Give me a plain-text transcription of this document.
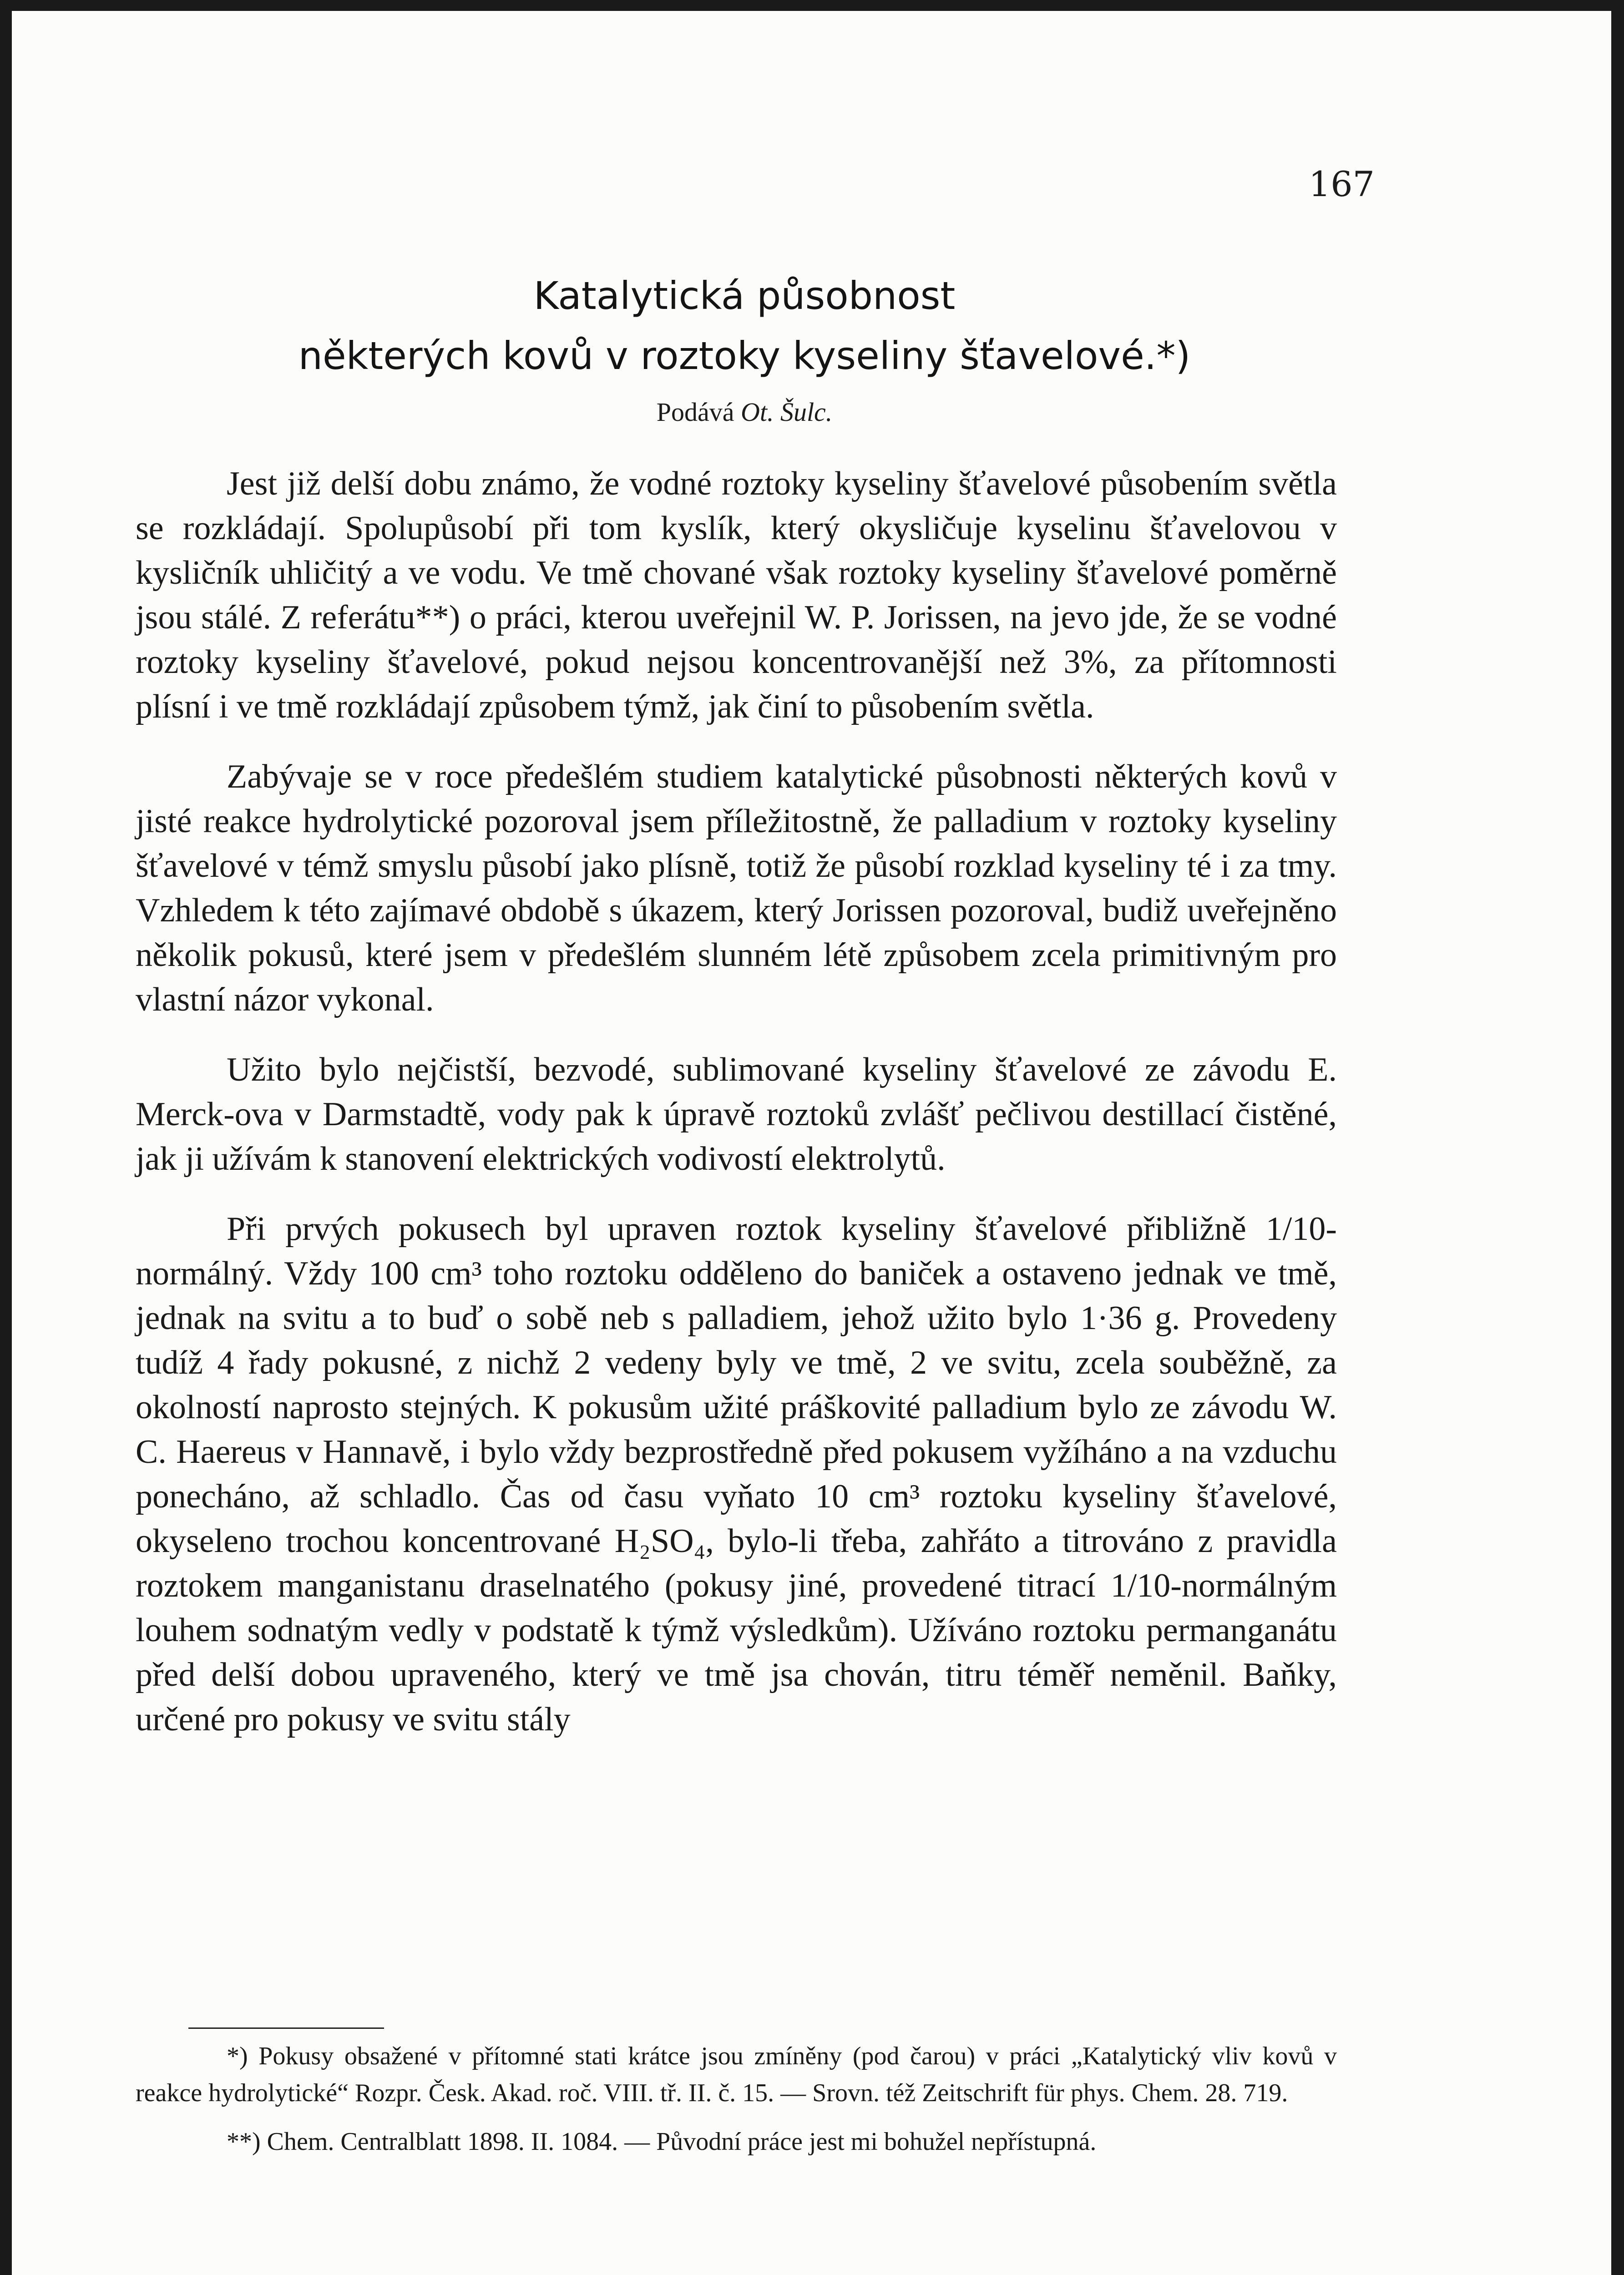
167

Katalytická působnost

některých kovů v roztoky kyseliny šťavelové.*)

Podává Ot. Šulc.

Jest již delší dobu známo, že vodné roztoky kyseliny šťavelové působením světla se rozkládají. Spolupůsobí při tom kyslík, který okysličuje kyselinu šťavelovou v kysličník uhličitý a ve vodu. Ve tmě chované však roztoky kyseliny šťavelové poměrně jsou stálé. Z referátu**) o práci, kterou uveřejnil W. P. Jorissen, na jevo jde, že se vodné roztoky kyseliny šťavelové, pokud nejsou koncentrovanější než 3%, za přítomnosti plísní i ve tmě rozkládají způsobem týmž, jak činí to působením světla.

Zabývaje se v roce předešlém studiem katalytické působnosti některých kovů v jisté reakce hydrolytické pozoroval jsem příležitostně, že palladium v roztoky kyseliny šťavelové v témž smyslu působí jako plísně, totiž že působí rozklad kyseliny té i za tmy. Vzhledem k této zajímavé obdobě s úkazem, který Jorissen pozoroval, budiž uveřejněno několik pokusů, které jsem v předešlém slunném létě způsobem zcela primitivným pro vlastní názor vykonal.

Užito bylo nejčistší, bezvodé, sublimované kyseliny šťavelové ze závodu E. Merck-ova v Darmstadtě, vody pak k úpravě roztoků zvlášť pečlivou destillací čistěné, jak ji užívám k stanovení elektrických vodivostí elektrolytů.

Při prvých pokusech byl upraven roztok kyseliny šťavelové přibližně 1/10-normálný. Vždy 100 cm³ toho roztoku odděleno do baniček a ostaveno jednak ve tmě, jednak na svitu a to buď o sobě neb s palladiem, jehož užito bylo 1·36 g. Provedeny tudíž 4 řady pokusné, z nichž 2 vedeny byly ve tmě, 2 ve svitu, zcela souběžně, za okolností naprosto stejných. K pokusům užité práškovité palladium bylo ze závodu W. C. Haereus v Hannavě, i bylo vždy bezprostředně před pokusem vyžíháno a na vzduchu ponecháno, až schladlo. Čas od času vyňato 10 cm³ roztoku kyseliny šťavelové, okyseleno trochou koncentrované H₂SO₄, bylo-li třeba, zahřáto a titrováno z pravidla roztokem manganistanu draselnatého (pokusy jiné, provedené titrací 1/10-normálným louhem sodnatým vedly v podstatě k týmž výsledkům). Užíváno roztoku permanganátu před delší dobou upraveného, který ve tmě jsa chován, titru téměř neměnil. Baňky, určené pro pokusy ve svitu stály

*) Pokusy obsažené v přítomné stati krátce jsou zmíněny (pod čarou) v práci „Katalytický vliv kovů v reakce hydrolytické“ Rozpr. Česk. Akad. roč. VIII. tř. II. č. 15. — Srovn. též Zeitschrift für phys. Chem. 28. 719.

**) Chem. Centralblatt 1898. II. 1084. — Původní práce jest mi bohužel nepřístupná.
